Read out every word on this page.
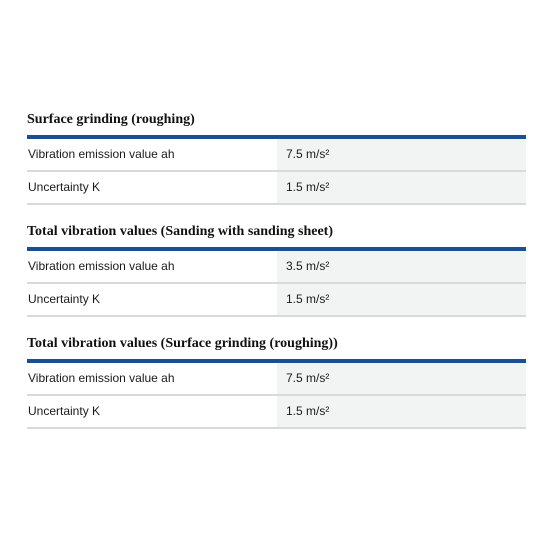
Surface grinding (roughing)
Vibration emission value ah	7.5 m/s²
Uncertainty K	1.5 m/s²
Total vibration values (Sanding with sanding sheet)
Vibration emission value ah	3.5 m/s²
Uncertainty K	1.5 m/s²
Total vibration values (Surface grinding (roughing))
Vibration emission value ah	7.5 m/s²
Uncertainty K	1.5 m/s²
